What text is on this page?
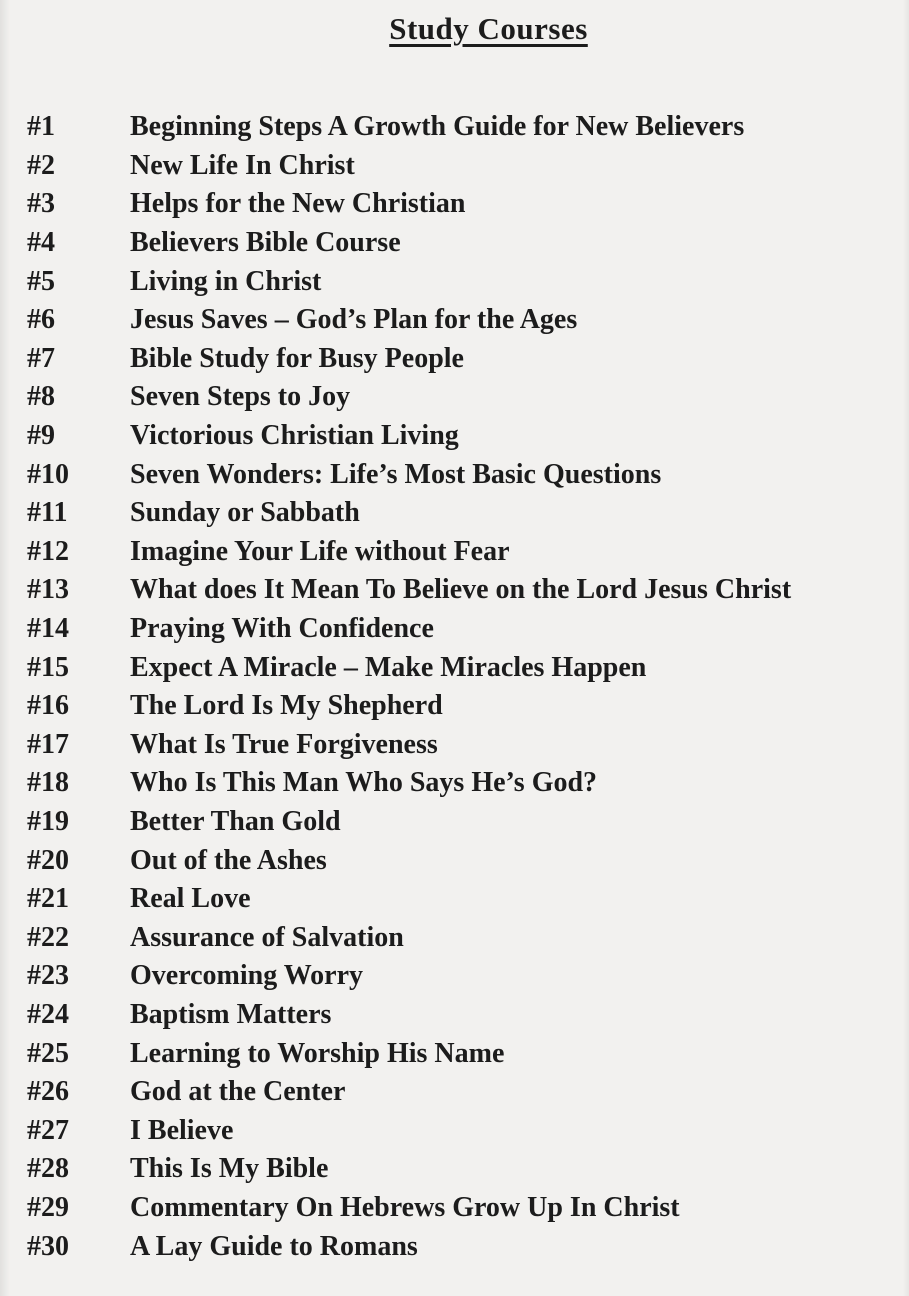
Study Courses
#1	Beginning Steps A Growth Guide for New Believers
#2	New Life In Christ
#3	Helps for the New Christian
#4	Believers Bible Course
#5	Living in Christ
#6	Jesus Saves – God’s Plan for the Ages
#7	Bible Study for Busy People
#8	Seven Steps to Joy
#9	Victorious Christian Living
#10	Seven Wonders: Life’s Most Basic Questions
#11	Sunday or Sabbath
#12	Imagine Your Life without Fear
#13	What does It Mean To Believe on the Lord Jesus Christ
#14	Praying With Confidence
#15	Expect A Miracle – Make Miracles Happen
#16	The Lord Is My Shepherd
#17	What Is True Forgiveness
#18	Who Is This Man Who Says He’s God?
#19	Better Than Gold
#20	Out of the Ashes
#21	Real Love
#22	Assurance of Salvation
#23	Overcoming Worry
#24	Baptism Matters
#25	Learning to Worship His Name
#26	God at the Center
#27	I Believe
#28	This Is My Bible
#29	Commentary On Hebrews Grow Up In Christ
#30	A Lay Guide to Romans
